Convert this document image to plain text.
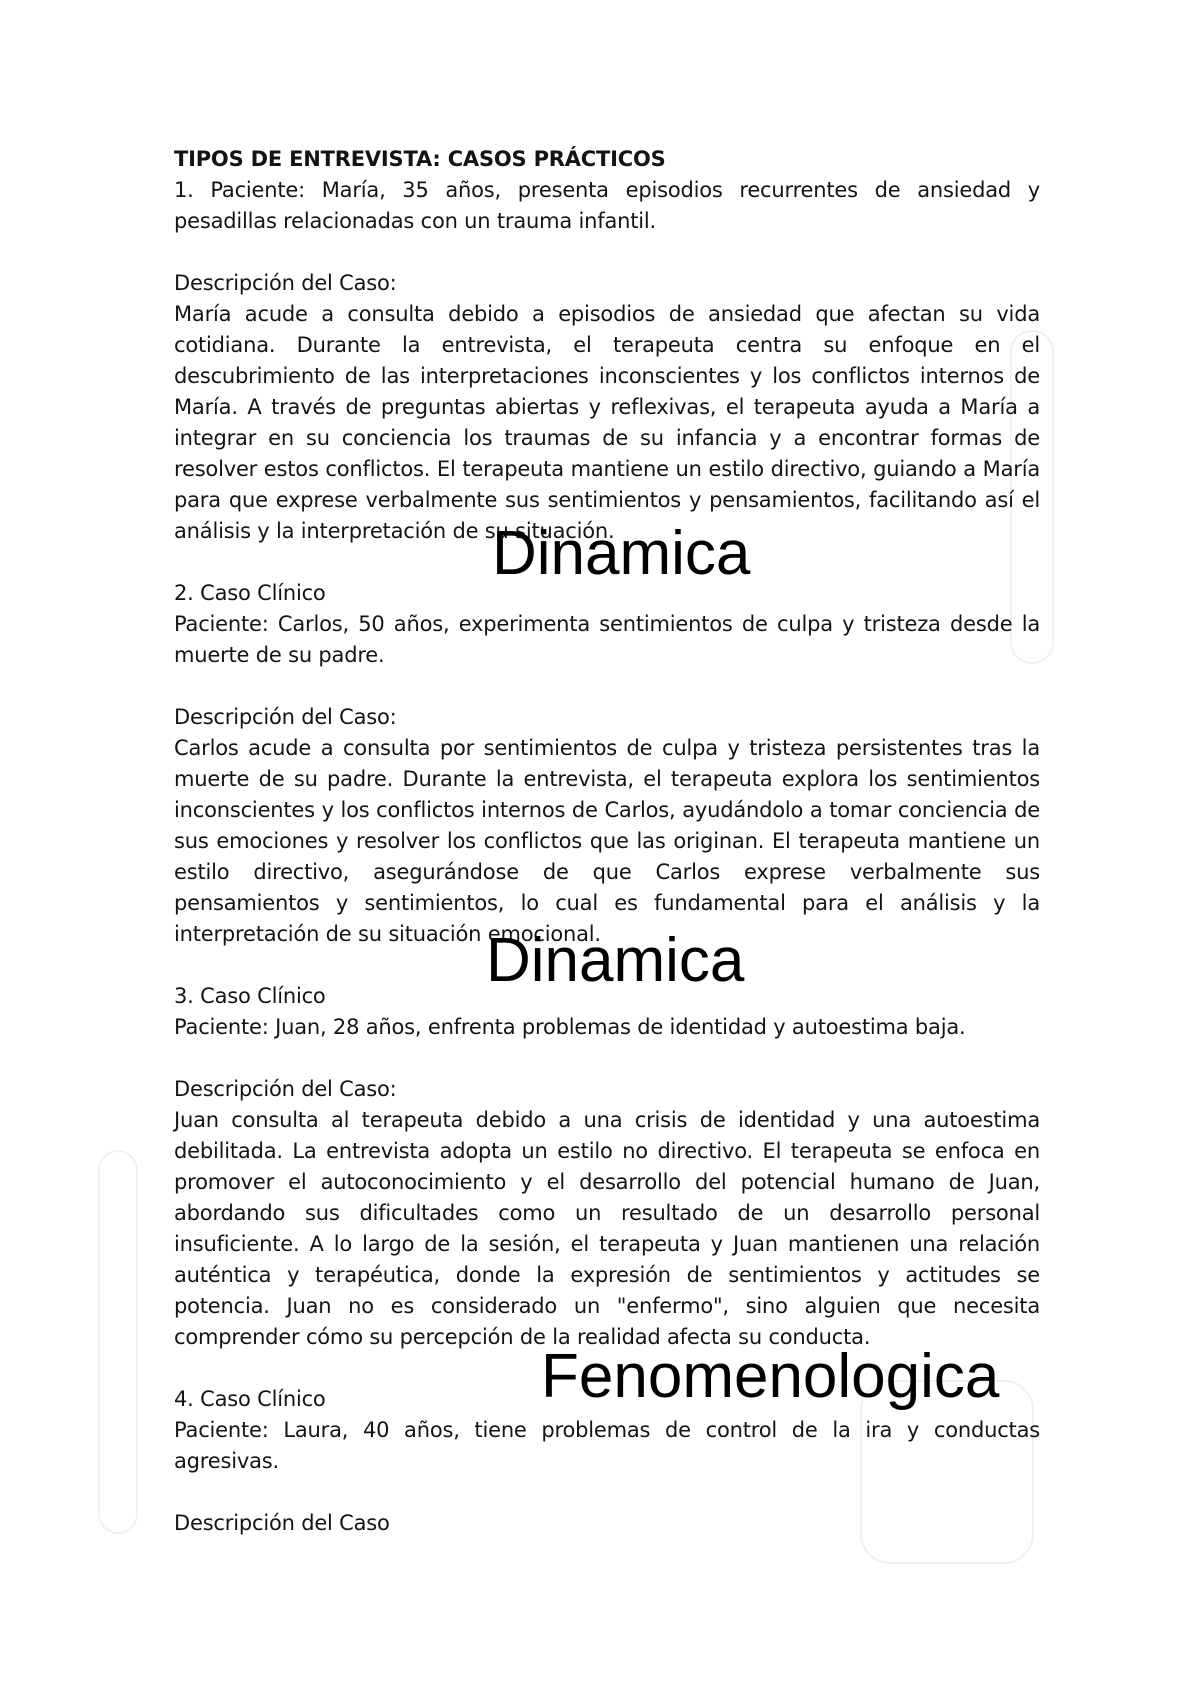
TIPOS DE ENTREVISTA: CASOS PRÁCTICOS

1. Paciente: María, 35 años, presenta episodios recurrentes de ansiedad y pesadillas relacionadas con un trauma infantil.

Descripción del Caso:

María acude a consulta debido a episodios de ansiedad que afectan su vida cotidiana. Durante la entrevista, el terapeuta centra su enfoque en el descubrimiento de las interpretaciones inconscientes y los conflictos internos de María. A través de preguntas abiertas y reflexivas, el terapeuta ayuda a María a integrar en su conciencia los traumas de su infancia y a encontrar formas de resolver estos conflictos. El terapeuta mantiene un estilo directivo, guiando a María para que exprese verbalmente sus sentimientos y pensamientos, facilitando así el análisis y la interpretación de su situación.

2. Caso Clínico

Paciente: Carlos, 50 años, experimenta sentimientos de culpa y tristeza desde la muerte de su padre.

Descripción del Caso:

Carlos acude a consulta por sentimientos de culpa y tristeza persistentes tras la muerte de su padre. Durante la entrevista, el terapeuta explora los sentimientos inconscientes y los conflictos internos de Carlos, ayudándolo a tomar conciencia de sus emociones y resolver los conflictos que las originan. El terapeuta mantiene un estilo directivo, asegurándose de que Carlos exprese verbalmente sus pensamientos y sentimientos, lo cual es fundamental para el análisis y la interpretación de su situación emocional.

3. Caso Clínico

Paciente: Juan, 28 años, enfrenta problemas de identidad y autoestima baja.

Descripción del Caso:

Juan consulta al terapeuta debido a una crisis de identidad y una autoestima debilitada. La entrevista adopta un estilo no directivo. El terapeuta se enfoca en promover el autoconocimiento y el desarrollo del potencial humano de Juan, abordando sus dificultades como un resultado de un desarrollo personal insuficiente. A lo largo de la sesión, el terapeuta y Juan mantienen una relación auténtica y terapéutica, donde la expresión de sentimientos y actitudes se potencia. Juan no es considerado un "enfermo", sino alguien que necesita comprender cómo su percepción de la realidad afecta su conducta.

4. Caso Clínico

Paciente: Laura, 40 años, tiene problemas de control de la ira y conductas agresivas.

Descripción del Caso

Dinamica
Dinamica
Fenomenologica
